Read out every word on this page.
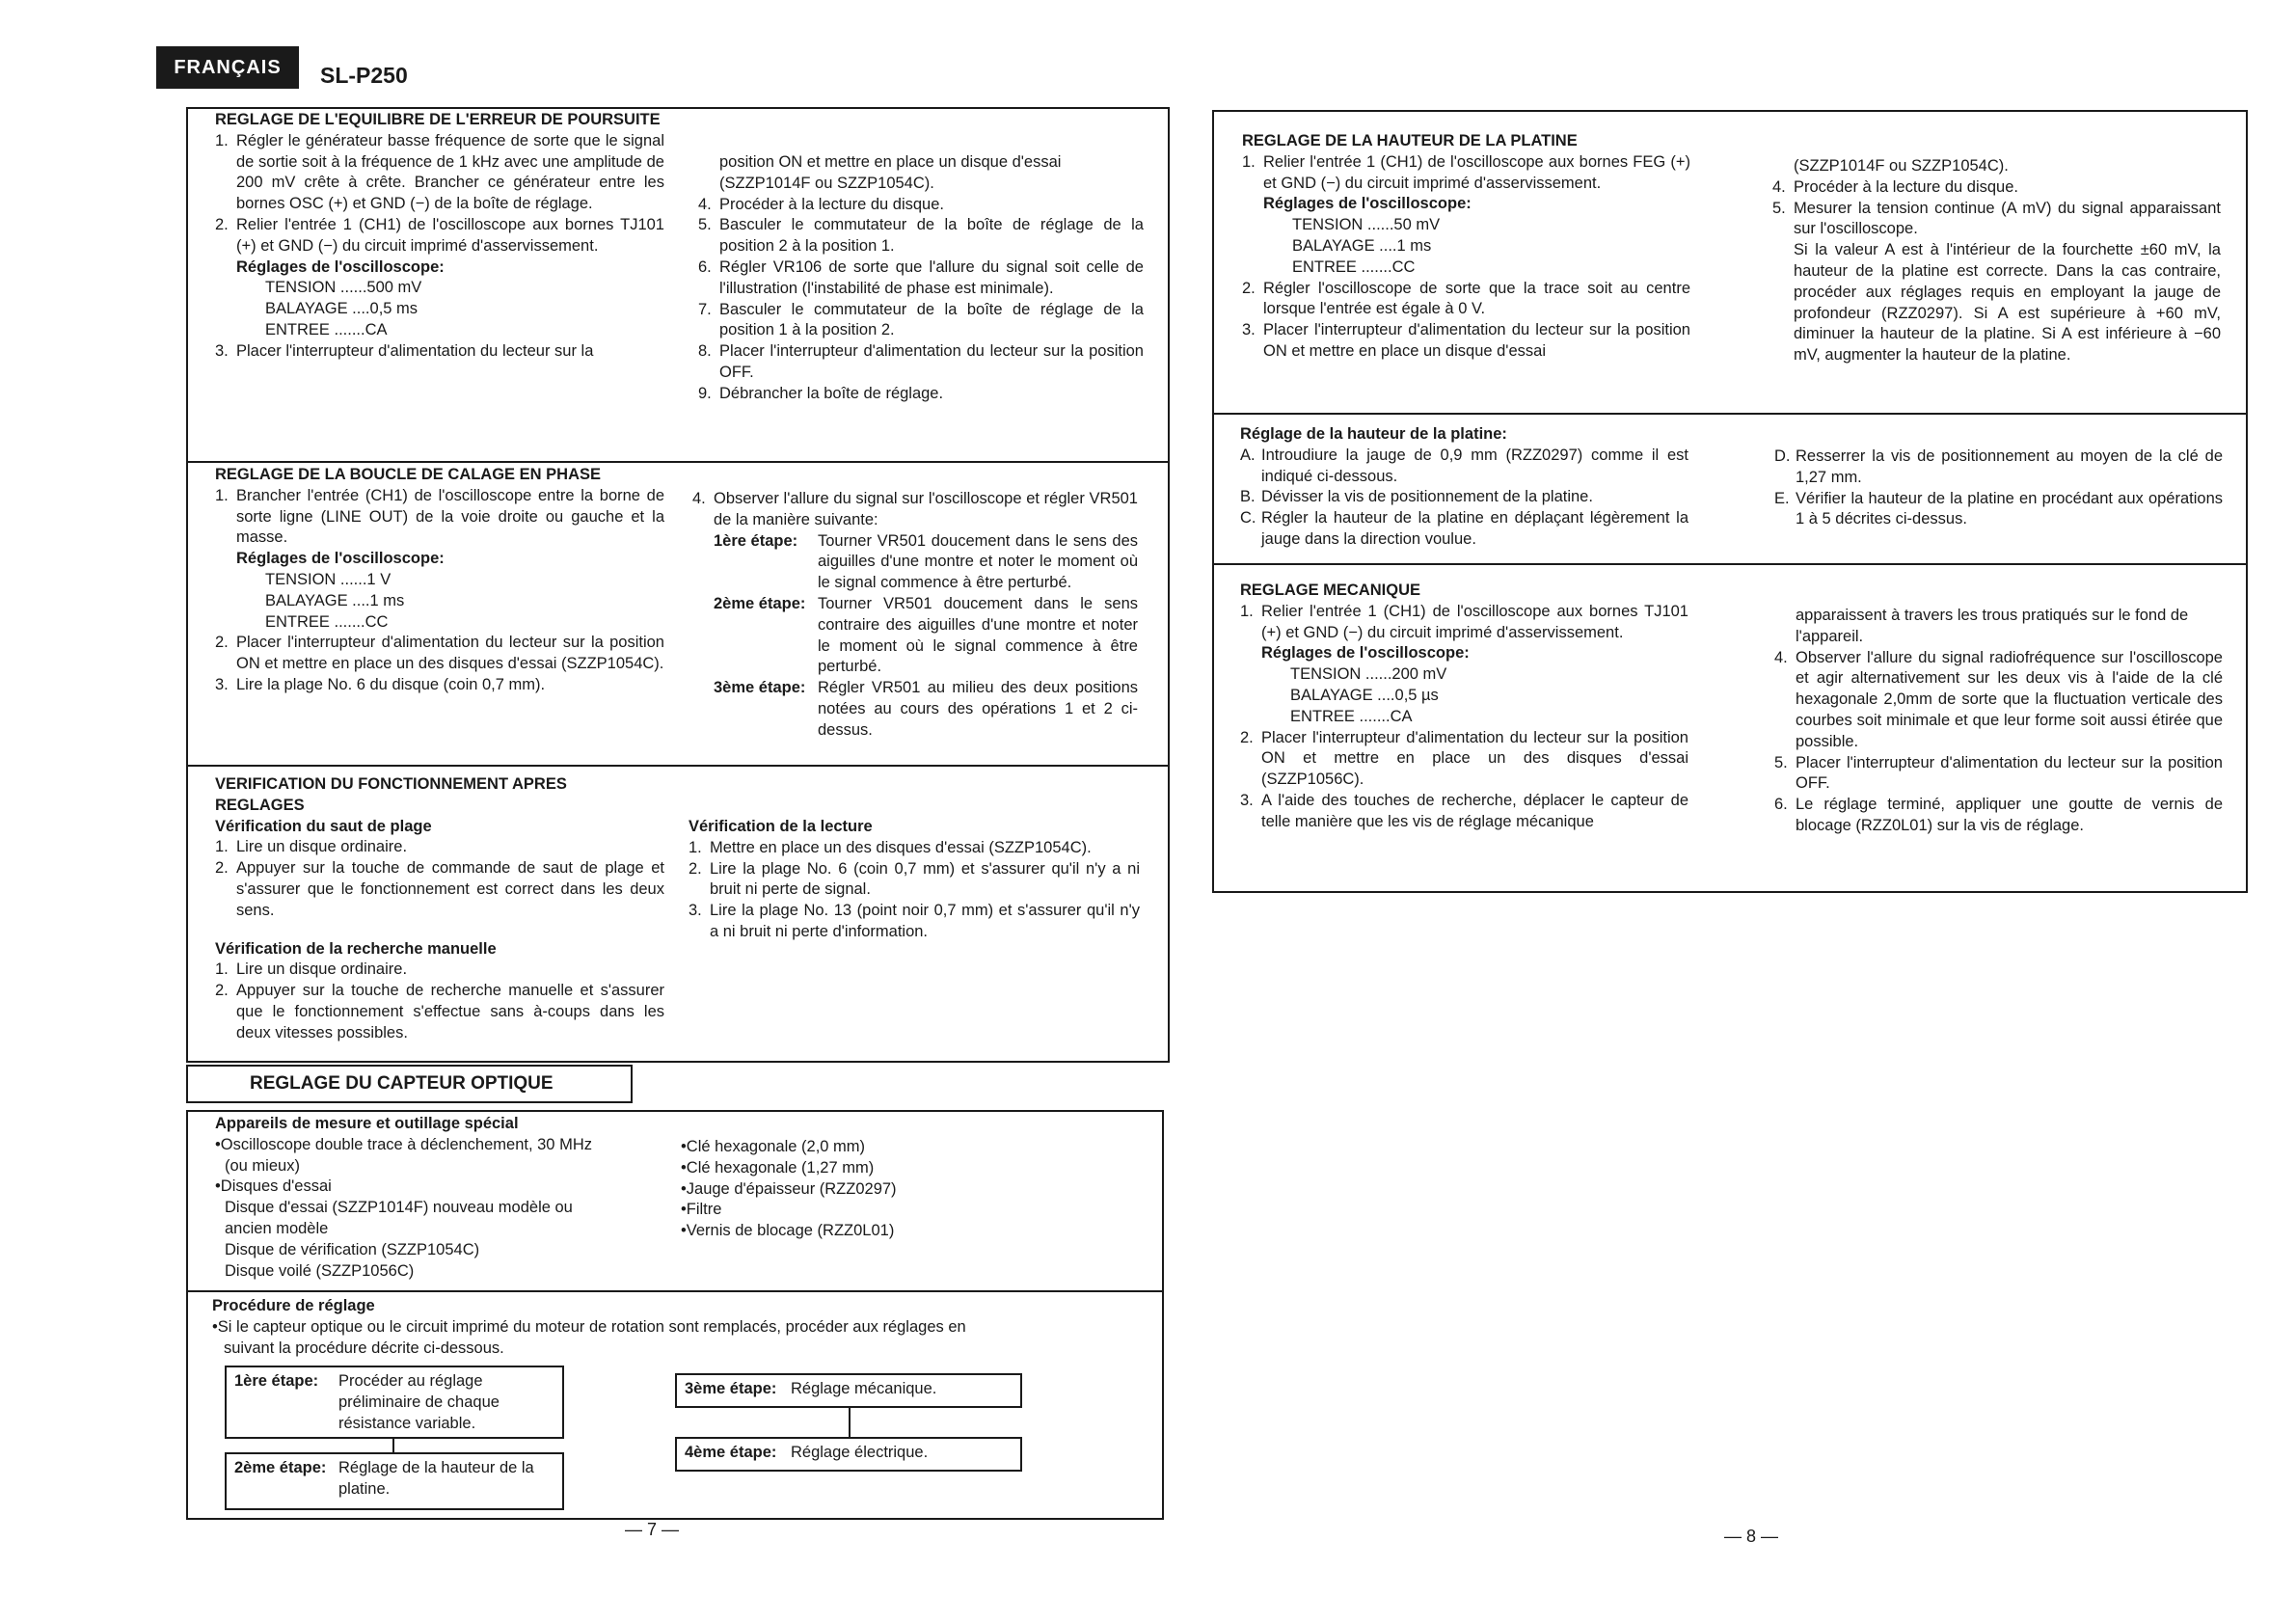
FRANÇAIS	SL-P250

REGLAGE DE L'EQUILIBRE DE L'ERREUR DE POURSUITE

1. Régler le générateur basse fréquence de sorte que le signal de sortie soit à la fréquence de 1 kHz avec une amplitude de 200 mV crête à crête. Brancher ce générateur entre les bornes OSC (+) et GND (−) de la boîte de réglage.
2. Relier l'entrée 1 (CH1) de l'oscilloscope aux bornes TJ101 (+) et GND (−) du circuit imprimé d'asservissement.

Réglages de l'oscilloscope:

TENSION ......500 mV

BALAYAGE ....0,5 ms

ENTREE .......CA

3. Placer l'interrupteur d'alimentation du lecteur sur la

position ON et mettre en place un disque d'essai (SZZP1014F ou SZZP1054C).

4. Procéder à la lecture du disque.
5. Basculer le commutateur de la boîte de réglage de la position 2 à la position 1.
6. Régler VR106 de sorte que l'allure du signal soit celle de l'illustration (l'instabilité de phase est minimale).
7. Basculer le commutateur de la boîte de réglage de la position 1 à la position 2.
8. Placer l'interrupteur d'alimentation du lecteur sur la position OFF.
9. Débrancher la boîte de réglage.

REGLAGE DE LA BOUCLE DE CALAGE EN PHASE

1. Brancher l'entrée (CH1) de l'oscilloscope entre la borne de sorte ligne (LINE OUT) de la voie droite ou gauche et la masse.

Réglages de l'oscilloscope:

TENSION ......1 V

BALAYAGE ....1 ms

ENTREE .......CC

2. Placer l'interrupteur d'alimentation du lecteur sur la position ON et mettre en place un des disques d'essai (SZZP1054C).
3. Lire la plage No. 6 du disque (coin 0,7 mm).
4. Observer l'allure du signal sur l'oscilloscope et régler VR501 de la manière suivante:
1ère étape:	Tourner VR501 doucement dans le sens des aiguilles d'une montre et noter le moment où le signal commence à être perturbé.
2ème étape: Tourner VR501 doucement dans le sens contraire des aiguilles d'une montre et noter le moment où le signal commence à être perturbé.
3ème étape: Régler VR501 au milieu des deux positions notées au cours des opérations 1 et 2 ci-dessus.

VERIFICATION DU FONCTIONNEMENT APRES REGLAGES

Vérification du saut de plage

1. Lire un disque ordinaire.
2. Appuyer sur la touche de commande de saut de plage et s'assurer que le fonctionnement est correct dans les deux sens.

Vérification de la recherche manuelle

1. Lire un disque ordinaire.
2. Appuyer sur la touche de recherche manuelle et s'assurer que le fonctionnement s'effectue sans à-coups dans les deux vitesses possibles.

Vérification de la lecture

1. Mettre en place un des disques d'essai (SZZP1054C).
2. Lire la plage No. 6 (coin 0,7 mm) et s'assurer qu'il n'y a ni bruit ni perte de signal.
3. Lire la plage No. 13 (point noir 0,7 mm) et s'assurer qu'il n'y a ni bruit ni perte d'information.
REGLAGE DU CAPTEUR OPTIQUE

Appareils de mesure et outillage spécial

•Oscilloscope double trace à déclenchement, 30 MHz

(ou mieux)

•Disques d'essai

Disque d'essai (SZZP1014F) nouveau modèle ou

ancien modèle

Disque de vérification (SZZP1054C)

Disque voilé (SZZP1056C)

•Clé hexagonale (2,0 mm)

•Clé hexagonale (1,27 mm)

•Jauge d'épaisseur (RZZ0297)

•Filtre

•Vernis de blocage (RZZ0L01)

Procédure de réglage

•Si le capteur optique ou le circuit imprimé du moteur de rotation sont remplacés, procéder aux réglages en

suivant la procédure décrite ci-dessous.

1ère étape:	Procéder au réglage préliminaire de chaque résistance variable.
2ème étape: Réglage de la hauteur de la platine.
3ème étape: Réglage mécanique.
4ème étape: Réglage électrique.
— 7 —

REGLAGE DE LA HAUTEUR DE LA PLATINE

1. Relier l'entrée 1 (CH1) de l'oscilloscope aux bornes FEG (+) et GND (−) du circuit imprimé d'asservissement.

Réglages de l'oscilloscope:

TENSION ......50 mV

BALAYAGE ....1 ms

ENTREE .......CC

2. Régler l'oscilloscope de sorte que la trace soit au centre lorsque l'entrée est égale à 0 V.
3. Placer l'interrupteur d'alimentation du lecteur sur la position ON et mettre en place un disque d'essai

(SZZP1014F ou SZZP1054C).

4. Procéder à la lecture du disque.
5. Mesurer la tension continue (A mV) du signal apparaissant sur l'oscilloscope.

Si la valeur A est à l'intérieur de la fourchette ±60 mV, la hauteur de la platine est correcte. Dans la cas contraire, procéder aux réglages requis en employant la jauge de profondeur (RZZ0297). Si A est supérieure à +60 mV, diminuer la hauteur de la platine. Si A est inférieure à −60 mV, augmenter la hauteur de la platine.

Réglage de la hauteur de la platine:

A. Introudiure la jauge de 0,9 mm (RZZ0297) comme il est indiqué ci-dessous.
B. Dévisser la vis de positionnement de la platine.
C. Régler la hauteur de la platine en déplaçant légèrement la jauge dans la direction voulue.
D. Resserrer la vis de positionnement au moyen de la clé de 1,27 mm.
E. Vérifier la hauteur de la platine en procédant aux opérations 1 à 5 décrites ci-dessus.

REGLAGE MECANIQUE

1. Relier l'entrée 1 (CH1) de l'oscilloscope aux bornes TJ101 (+) et GND (−) du circuit imprimé d'asservissement.

Réglages de l'oscilloscope:

TENSION ......200 mV

BALAYAGE ....0,5 µs

ENTREE .......CA

2. Placer l'interrupteur d'alimentation du lecteur sur la position ON et mettre en place un des disques d'essai (SZZP1056C).
3. A l'aide des touches de recherche, déplacer le capteur de telle manière que les vis de réglage mécanique

apparaissent à travers les trous pratiqués sur le fond de l'appareil.

4. Observer l'allure du signal radiofréquence sur l'oscilloscope et agir alternativement sur les deux vis à l'aide de la clé hexagonale 2,0mm de sorte que la fluctuation verticale des courbes soit minimale et que leur forme soit aussi étirée que possible.
5. Placer l'interrupteur d'alimentation du lecteur sur la position OFF.
6. Le réglage terminé, appliquer une goutte de vernis de blocage (RZZ0L01) sur la vis de réglage.
— 8 —
